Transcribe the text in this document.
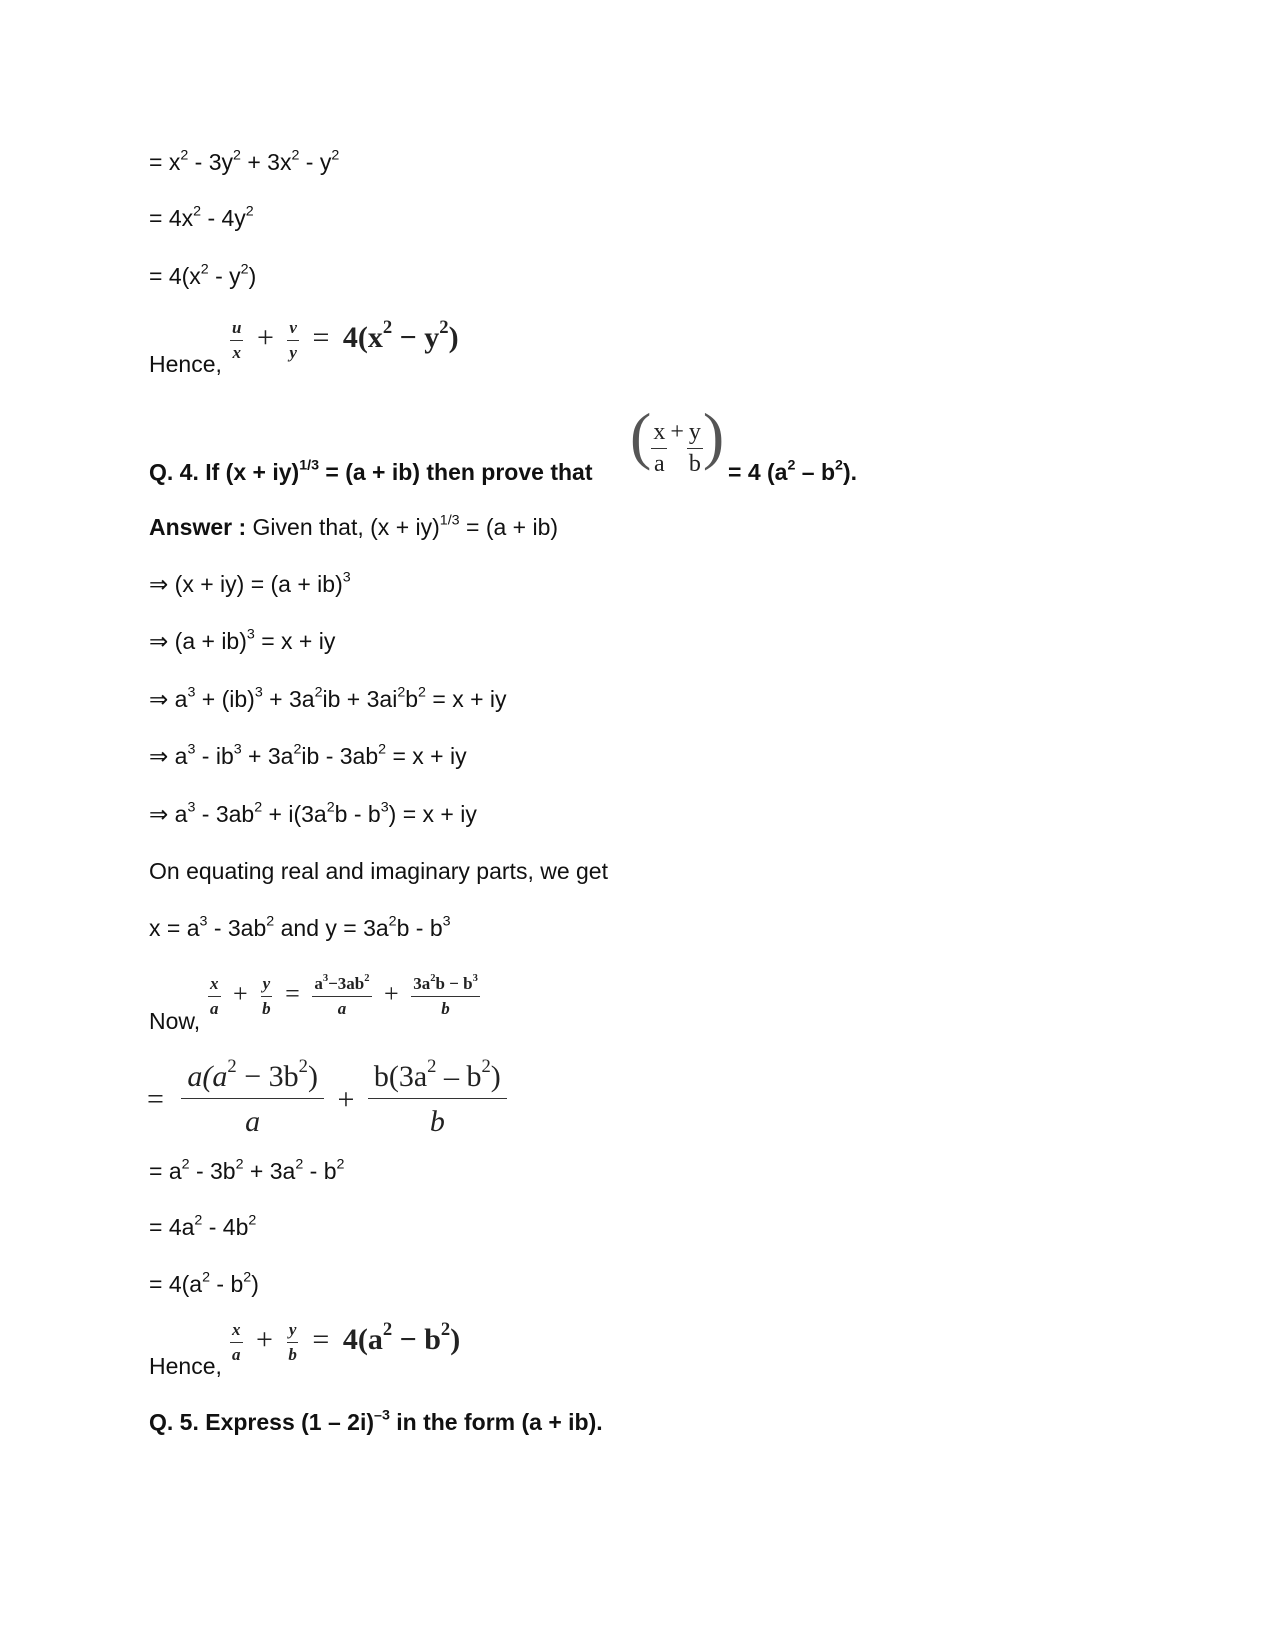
= $x^2 - 3y^2 + 3x^2 - y^2$
= $4x^2 - 4y^2$
= $4(x^2 - y^2)$
Hence,
$\frac{u}{x} + \frac{v}{y} = 4(x^2 - y^2)$
Q. 4. If (x + iy)$^{1/3}$ = (a + ib) then prove that
( $\frac{x}{a} + \frac{y}{b}$ )
= 4 $(a^2 - b^2)$.
Answer : Given that, (x + iy)$^{1/3}$ = (a + ib)
⇒ (x + iy) = (a + ib)$^3$
⇒ (a + ib)$^3$ = x + iy
⇒ $a^3 + (ib)^3 + 3a^2ib + 3ai^2b^2 = x$ + iy
⇒ $a^3 - ib^3 + 3a^2ib - 3ab^2 = x$ + iy
⇒ $a^3 - 3ab^2 + i(3a^2b - b^3) = x$ + iy
On equating real and imaginary parts, we get
$x = a^3 - 3ab^2$ and $y = 3a^2b - b^3$
Now,
$\frac{x}{a} + \frac{y}{b} = \frac{a^3-3ab^2}{a} + \frac{3a^2b - b^3}{b}$
= $\frac{a(a^2 - 3b^2)}{a} + \frac{b(3a^2 - b^2)}{b}$
= $a^2 - 3b^2 + 3a^2 - b^2$
= $4a^2 - 4b^2$
= $4(a^2 - b^2)$
Hence,
$\frac{x}{a} + \frac{y}{b} = 4(a^2 - b^2)$
Q. 5. Express (1 – 2i)$^{-3}$ in the form (a + ib).
